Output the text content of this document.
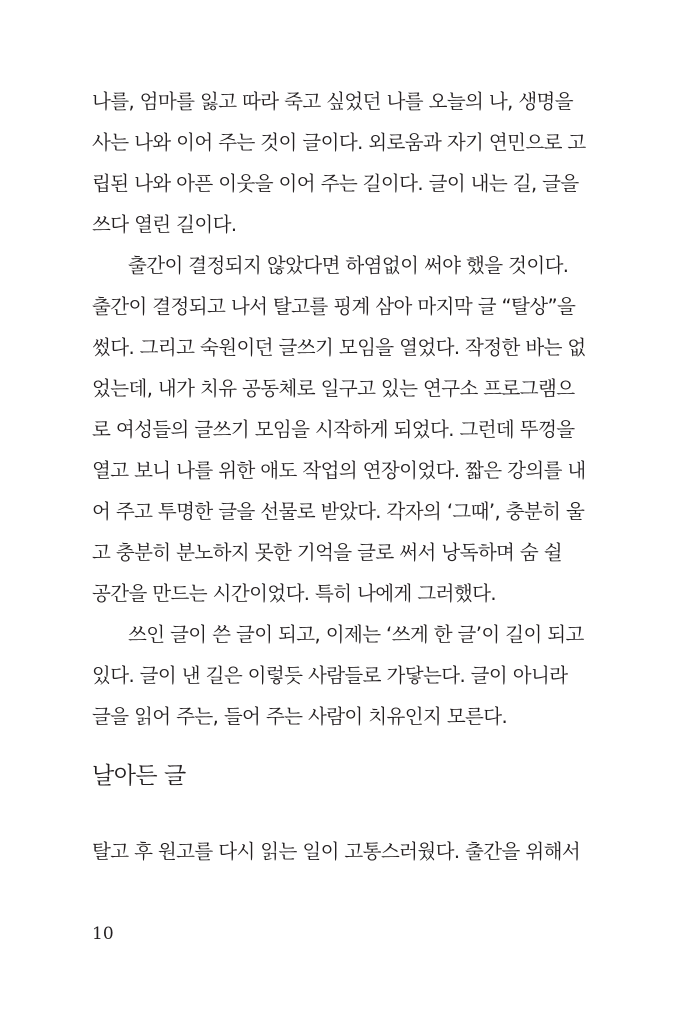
나를, 엄마를 잃고 따라 죽고 싶었던 나를 오늘의 나, 생명을
사는 나와 이어 주는 것이 글이다. 외로움과 자기 연민으로 고
립된 나와 아픈 이웃을 이어 주는 길이다. 글이 내는 길, 글을
쓰다 열린 길이다.
출간이 결정되지 않았다면 하염없이 써야 했을 것이다.
출간이 결정되고 나서 탈고를 핑계 삼아 마지막 글 “탈상”을
썼다. 그리고 숙원이던 글쓰기 모임을 열었다. 작정한 바는 없
었는데, 내가 치유 공동체로 일구고 있는 연구소 프로그램으
로 여성들의 글쓰기 모임을 시작하게 되었다. 그런데 뚜껑을
열고 보니 나를 위한 애도 작업의 연장이었다. 짧은 강의를 내
어 주고 투명한 글을 선물로 받았다. 각자의 ‘그때’, 충분히 울
고 충분히 분노하지 못한 기억을 글로 써서 낭독하며 숨 쉴
공간을 만드는 시간이었다. 특히 나에게 그러했다.
쓰인 글이 쓴 글이 되고, 이제는 ‘쓰게 한 글’이 길이 되고
있다. 글이 낸 길은 이렇듯 사람들로 가닿는다. 글이 아니라
글을 읽어 주는, 들어 주는 사람이 치유인지 모른다.
날아든 글
탈고 후 원고를 다시 읽는 일이 고통스러웠다. 출간을 위해서
10
